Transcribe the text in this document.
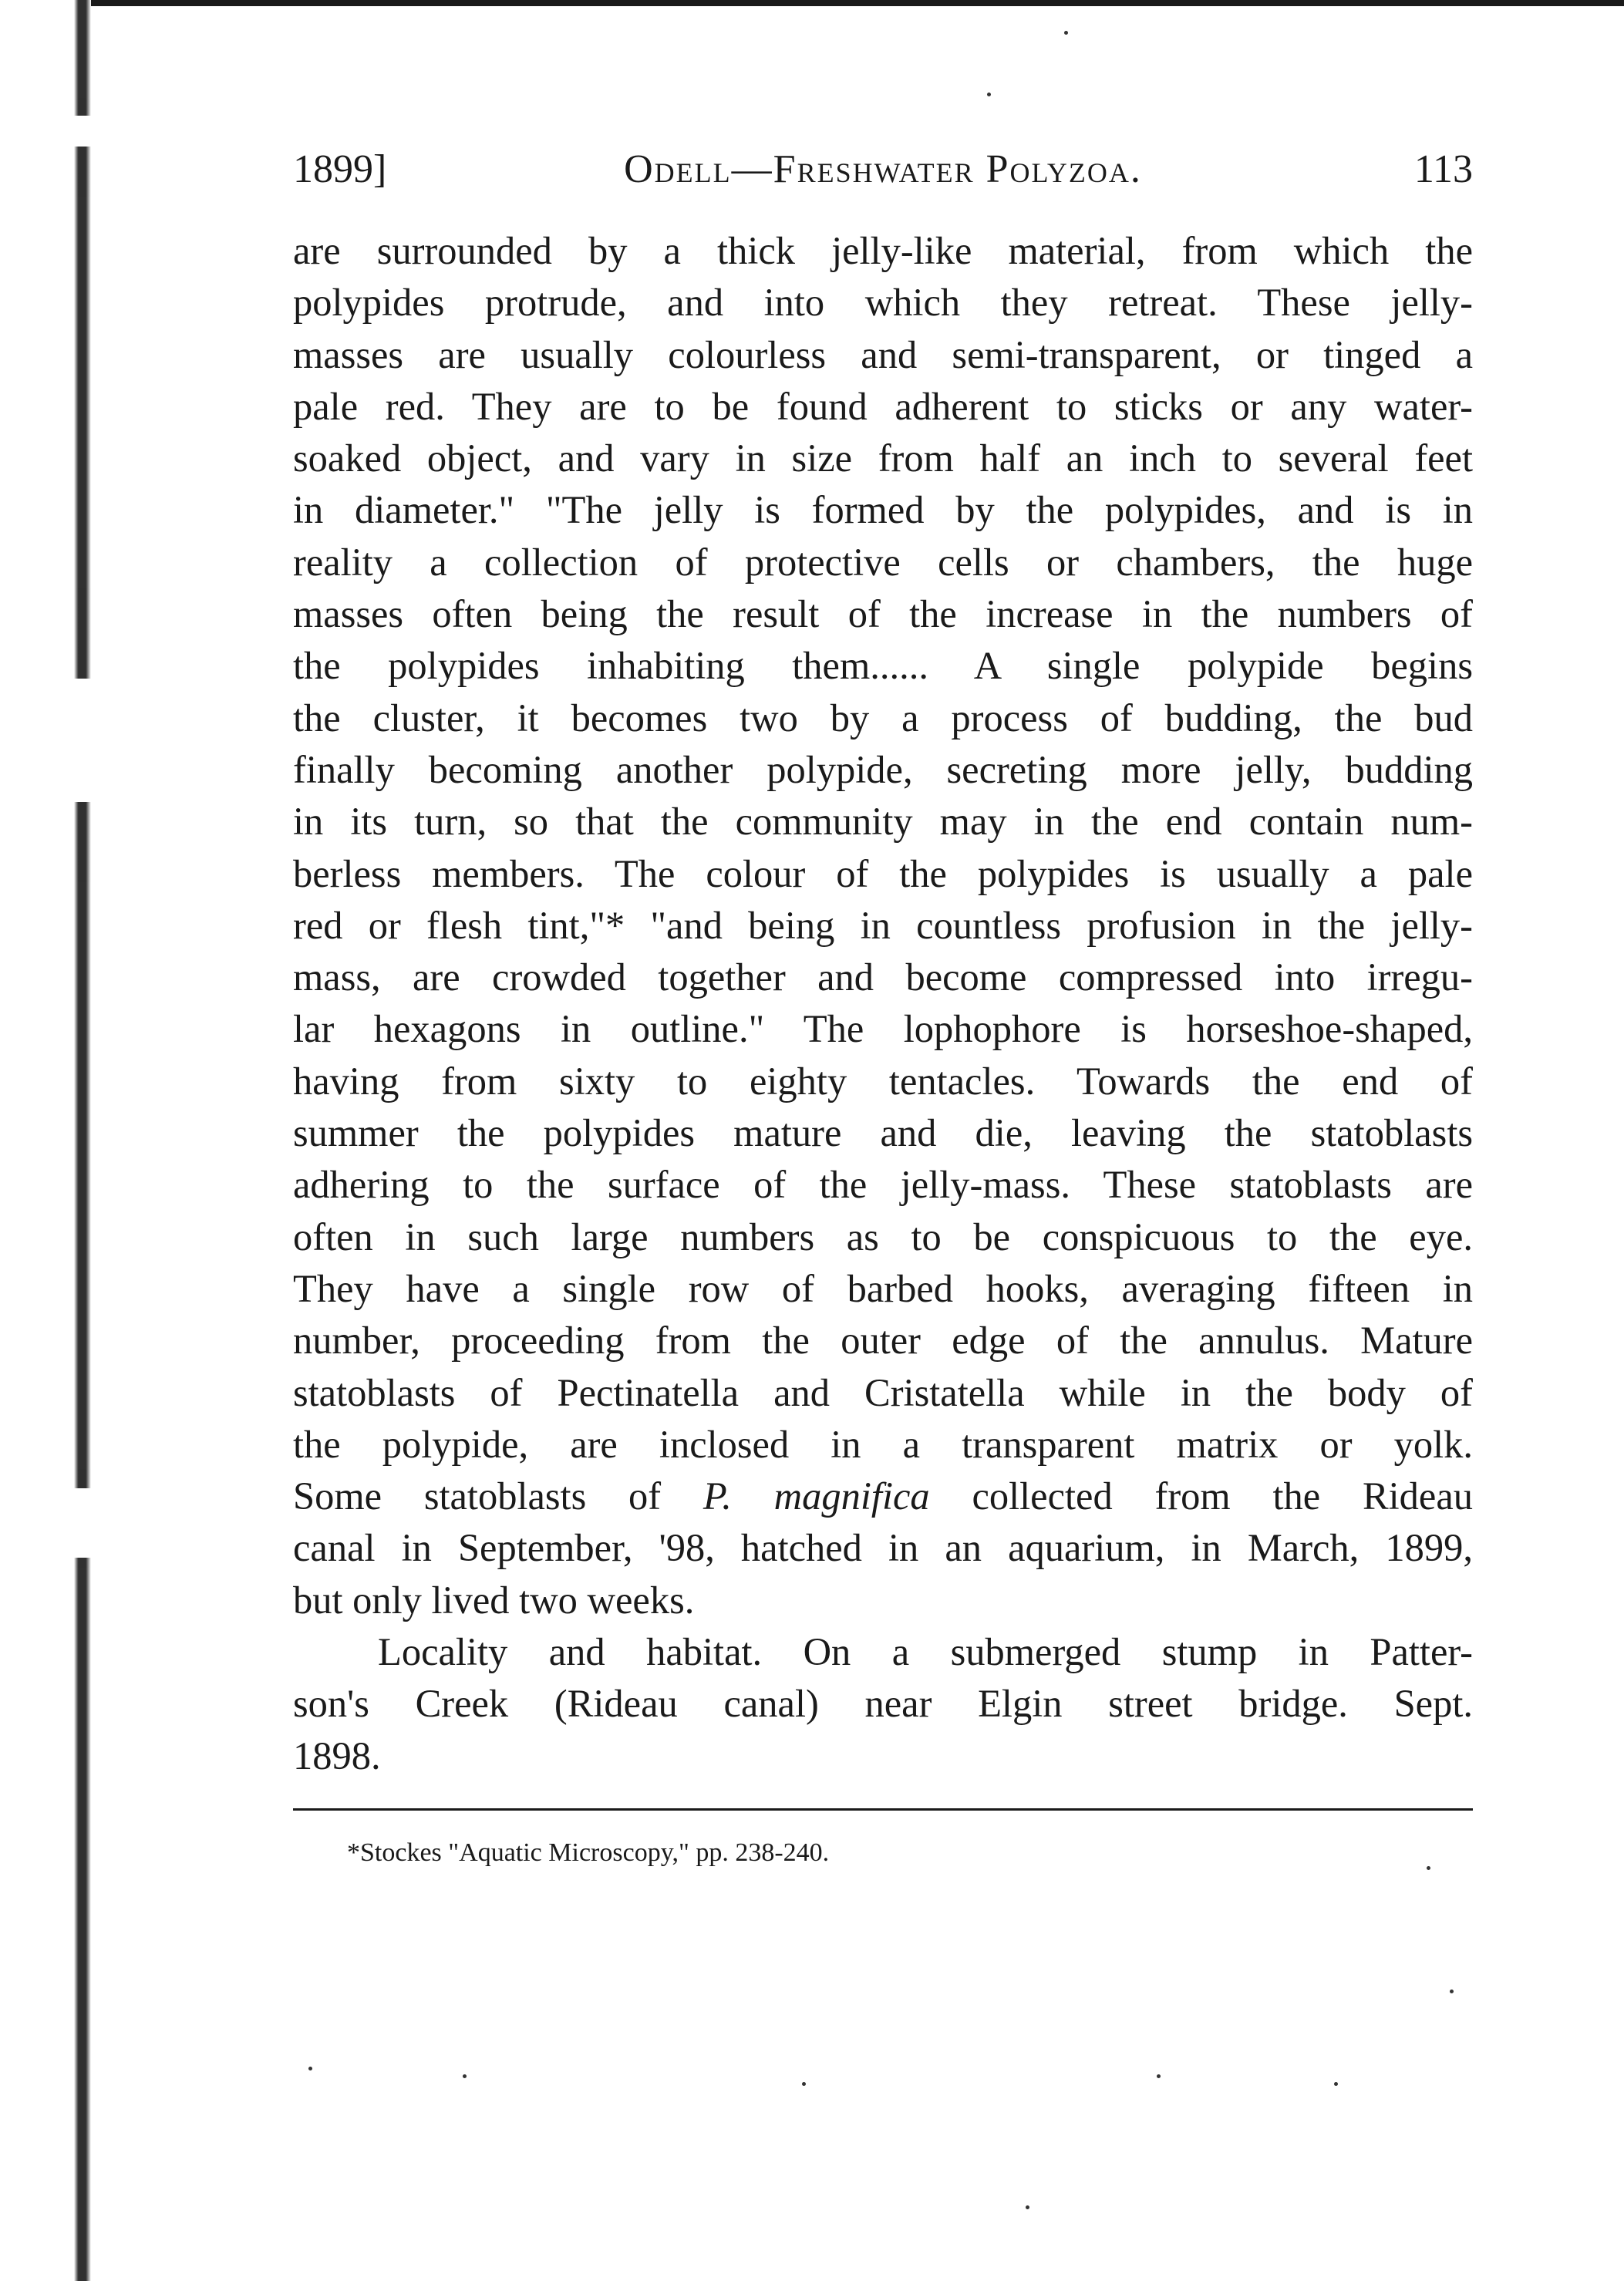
1899]	Odell—Freshwater Polyzoa.	113

are surrounded by a thick jelly-like material, from which the
polypides protrude, and into which they retreat. These jelly-
masses are usually colourless and semi-transparent, or tinged a
pale red. They are to be found adherent to sticks or any water-
soaked object, and vary in size from half an inch to several feet
in diameter." "The jelly is formed by the polypides, and is in
reality a collection of protective cells or chambers, the huge
masses often being the result of the increase in the numbers of
the polypides inhabiting them...... A single polypide begins
the cluster, it becomes two by a process of budding, the bud
finally becoming another polypide, secreting more jelly, budding
in its turn, so that the community may in the end contain num-
berless members. The colour of the polypides is usually a pale
red or flesh tint,"* "and being in countless profusion in the jelly-
mass, are crowded together and become compressed into irregu-
lar hexagons in outline." The lophophore is horseshoe-shaped,
having from sixty to eighty tentacles. Towards the end of
summer the polypides mature and die, leaving the statoblasts
adhering to the surface of the jelly-mass. These statoblasts are
often in such large numbers as to be conspicuous to the eye.
They have a single row of barbed hooks, averaging fifteen in
number, proceeding from the outer edge of the annulus. Mature
statoblasts of Pectinatella and Cristatella while in the body of
the polypide, are inclosed in a transparent matrix or yolk.
Some statoblasts of P. magnifica collected from the Rideau
canal in September, '98, hatched in an aquarium, in March, 1899,
but only lived two weeks.

Locality and habitat. On a submerged stump in Patter-
son's Creek (Rideau canal) near Elgin street bridge. Sept.
1898.

*Stockes "Aquatic Microscopy," pp. 238-240.
